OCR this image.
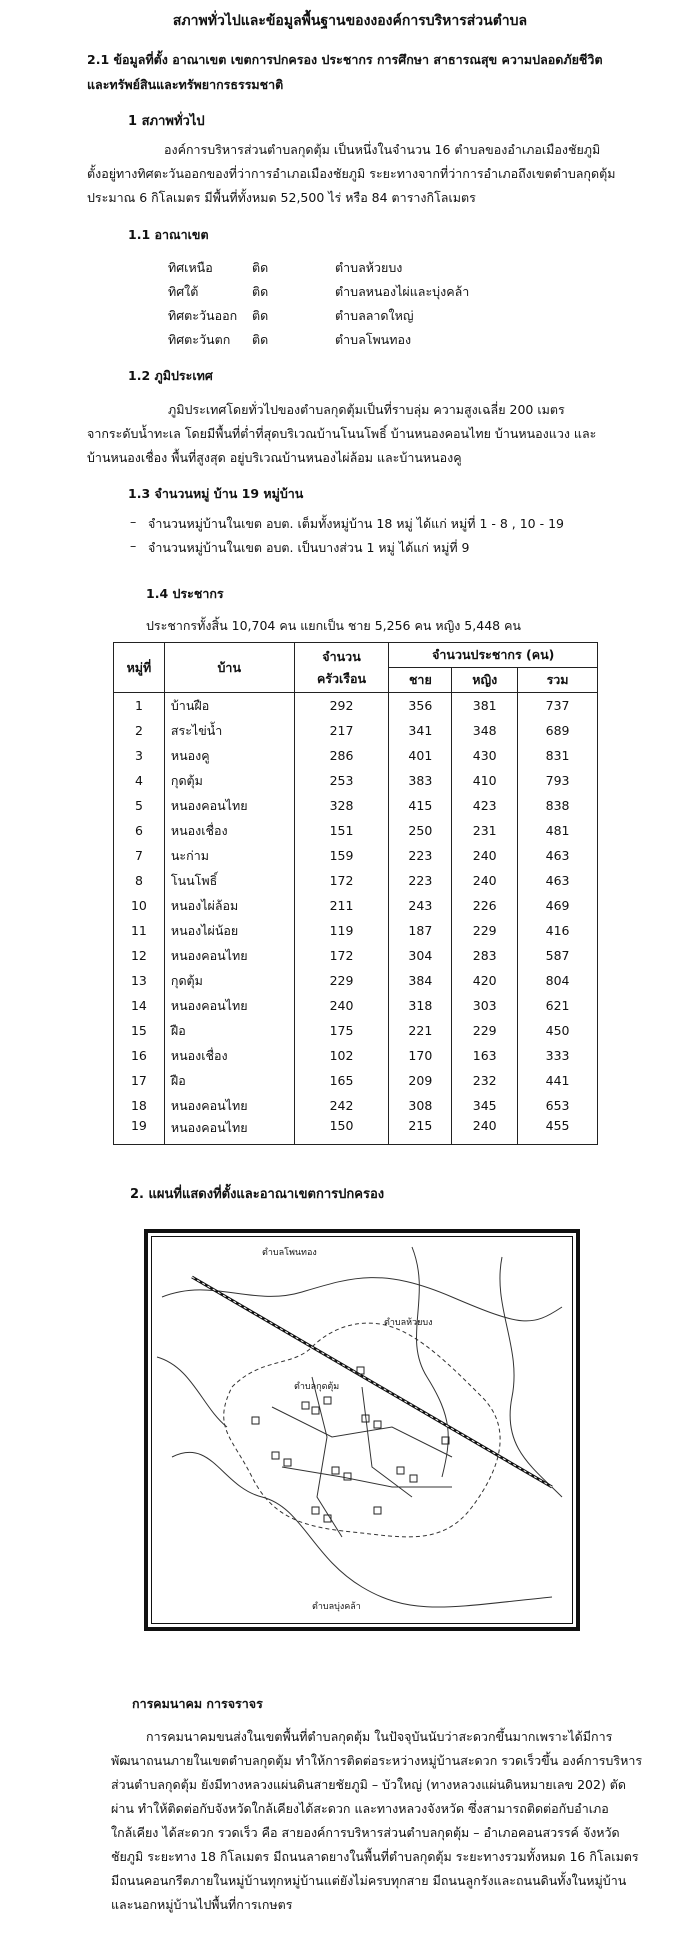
สภาพทั่วไปและข้อมูลพื้นฐานของงองค์การบริหารส่วนตำบล
2.1 ข้อมูลที่ตั้ง อาณาเขต เขตการปกครอง ประชากร การศึกษา สาธารณสุข ความปลอดภัยชีวิต
และทรัพย์สินและทรัพยากรธรรมชาติ
1 สภาพทั่วไป
องค์การบริหารส่วนตำบลกุดตุ้ม เป็นหนึ่งในจำนวน 16 ตำบลของอำเภอเมืองชัยภูมิ
ตั้งอยู่ทางทิศตะวันออกของที่ว่าการอำเภอเมืองชัยภูมิ ระยะทางจากที่ว่าการอำเภอถึงเขตตำบลกุดตุ้ม
ประมาณ 6 กิโลเมตร มีพื้นที่ทั้งหมด 52,500 ไร่ หรือ 84 ตารางกิโลเมตร
1.1 อาณาเขต
ทิศเหนือ	ติด	ตำบลห้วยบง
ทิศใต้	ติด	ตำบลหนองไผ่และบุ่งคล้า
ทิศตะวันออก ติด	ตำบลลาดใหญ่
ทิศตะวันตก ติด	ตำบลโพนทอง
1.2 ภูมิประเทศ
ภูมิประเทศโดยทั่วไปของตำบลกุดตุ้มเป็นที่ราบลุ่ม ความสูงเฉลี่ย 200 เมตร
จากระดับน้ำทะเล โดยมีพื้นที่ต่ำที่สุดบริเวณบ้านโนนโพธิ์ บ้านหนองคอนไทย บ้านหนองแวง และ
บ้านหนองเชื่อง พื้นที่สูงสุด อยู่บริเวณบ้านหนองไผ่ล้อม และบ้านหนองคู
1.3 จำนวนหมู่ บ้าน 19 หมู่บ้าน
– จำนวนหมู่บ้านในเขต อบต. เต็มทั้งหมู่บ้าน 18 หมู่ ได้แก่ หมู่ที่ 1 - 8 , 10 - 19
– จำนวนหมู่บ้านในเขต อบต. เป็นบางส่วน 1 หมู่ ได้แก่ หมู่ที่ 9
1.4 ประชากร
ประชากรทั้งสิ้น 10,704 คน แยกเป็น ชาย 5,256 คน หญิง 5,448 คน
หมู่ที่	บ้าน	จำนวน
ครัวเรือน	จำนวนประชากร (คน)		
			ชาย	หญิง	รวม
1	บ้านฝือ	292	356	381	737
2	สระไข่น้ำ	217	341	348	689
3	หนองคู	286	401	430	831
4	กุดตุ้ม	253	383	410	793
5	หนองคอนไทย	328	415	423	838
6	หนองเชื่อง	151	250	231	481
7	นะก่าม	159	223	240	463
8	โนนโพธิ์	172	223	240	463
10	หนองไผ่ล้อม	211	243	226	469
11	หนองไผ่น้อย	119	187	229	416
12	หนองคอนไทย	172	304	283	587
13	กุดตุ้ม	229	384	420	804
14	หนองคอนไทย	240	318	303	621
15	ฝือ	175	221	229	450
16	หนองเชื่อง	102	170	163	333
17	ฝือ	165	209	232	441
18	หนองคอนไทย	242	308	345	653
19	หนองคอนไทย	150	215	240	455
2. แผนที่แสดงที่ตั้งและอาณาเขตการปกครอง
ตำบลโพนทอง
ตำบลห้วยบง
ตำบลกุดตุ้ม
ตำบลบุ่งคล้า
การคมนาคม การจราจร
การคมนาคมขนส่งในเขตพื้นที่ตำบลกุดตุ้ม ในปัจจุบันนับว่าสะดวกขึ้นมากเพราะได้มีการ
พัฒนาถนนภายในเขตตำบลกุดตุ้ม ทำให้การติดต่อระหว่างหมู่บ้านสะดวก รวดเร็วขึ้น องค์การบริหาร
ส่วนตำบลกุดตุ้ม ยังมีทางหลวงแผ่นดินสายชัยภูมิ – บัวใหญ่ (ทางหลวงแผ่นดินหมายเลข 202) ตัด
ผ่าน ทำให้ติดต่อกับจังหวัดใกล้เคียงได้สะดวก และทางหลวงจังหวัด ซึ่งสามารถติดต่อกับอำเภอ
ใกล้เคียง ได้สะดวก รวดเร็ว คือ สายองค์การบริหารส่วนตำบลกุดตุ้ม – อำเภอคอนสวรรค์ จังหวัด
ชัยภูมิ ระยะทาง 18 กิโลเมตร มีถนนลาดยางในพื้นที่ตำบลกุดตุ้ม ระยะทางรวมทั้งหมด 16 กิโลเมตร
มีถนนคอนกรีตภายในหมู่บ้านทุกหมู่บ้านแต่ยังไม่ครบทุกสาย มีถนนลูกรังและถนนดินทั้งในหมู่บ้าน
และนอกหมู่บ้านไปพื้นที่การเกษตร
